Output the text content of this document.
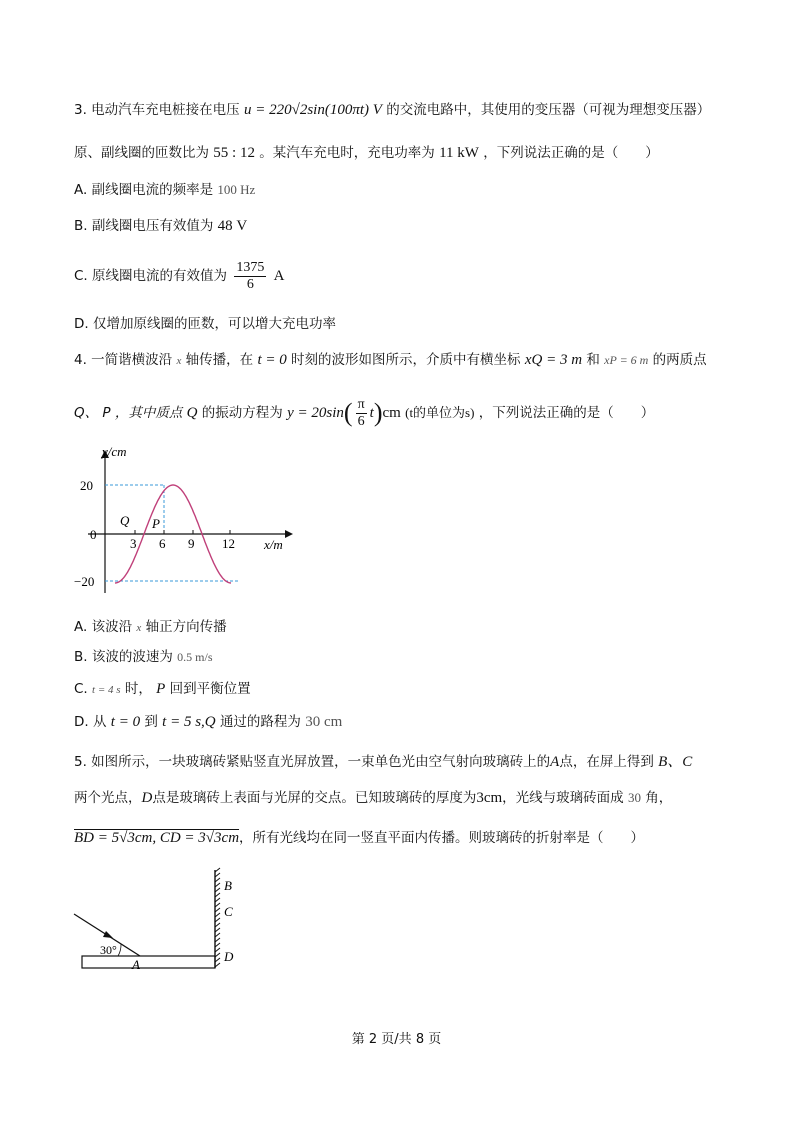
3. 电动汽车充电桩接在电压 u = 220√2sin(100πt) V 的交流电路中，其使用的变压器（可视为理想变压器）
原、副线圈的匝数比为 55 : 12 。某汽车充电时，充电功率为 11 kW ，下列说法正确的是（　　）
A. 副线圈电流的频率是 100 Hz
B. 副线圈电压有效值为 48 V
C. 原线圈电流的有效值为 $\frac{1375}{6}$ A
D. 仅增加原线圈的匝数，可以增大充电功率
4. 一简谐横波沿 x 轴传播，在 t = 0 时刻的波形如图所示，介质中有横坐标 xQ = 3 m 和 xP = 6 m 的两质点
Q、 P ，其中质点 Q 的振动方程为 $y = 20\sin( \frac{\pi}{6} t)cm$ (t的单位为s) ，下列说法正确的是（　　）
y/cm
20
0
−20
3 6 9 12 x/m
Q P
A. 该波沿 x 轴正方向传播
B. 该波的波速为 0.5 m/s
C. t = 4 s 时， P 回到平衡位置
D. 从 t = 0 到 t = 5 s,Q 通过的路程为 30 cm
5. 如图所示，一块玻璃砖紧贴竖直光屏放置，一束单色光由空气射向玻璃砖上的A点，在屏上得到 B、C
两个光点，D点是玻璃砖上表面与光屏的交点。已知玻璃砖的厚度为3cm，光线与玻璃砖面成 30 角，
BD = 5√3cm, CD = 3√3cm，所有光线均在同一竖直平面内传播。则玻璃砖的折射率是（　　）
B
C
D
A
30°
第 2 页/共 8 页
